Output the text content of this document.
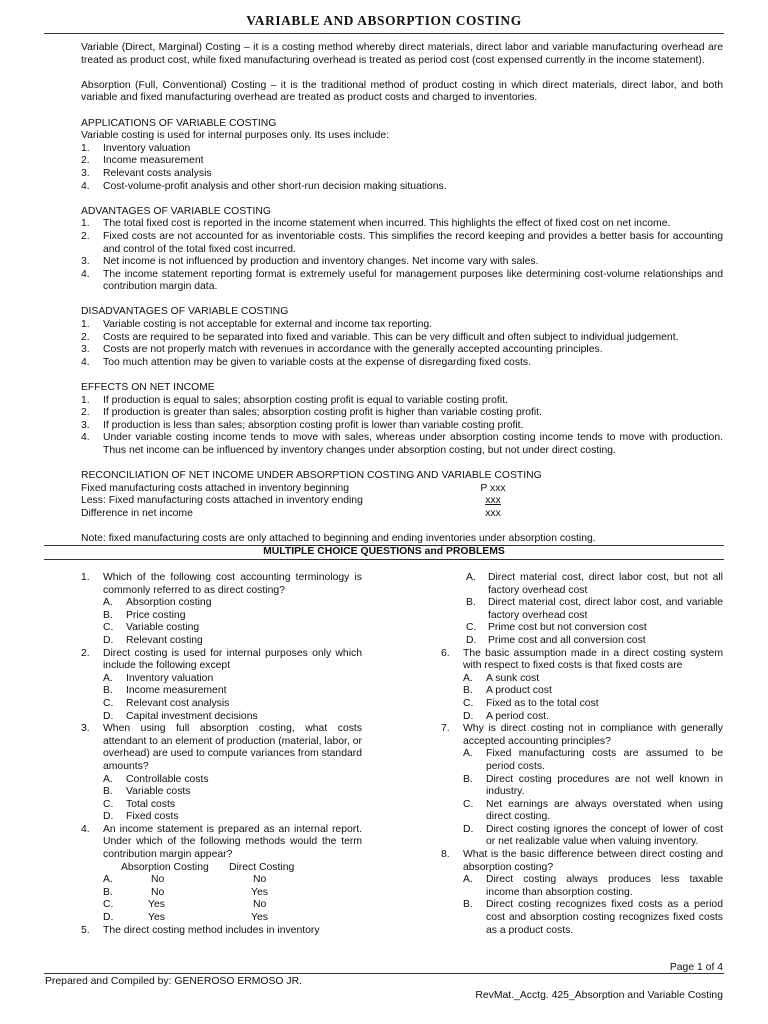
VARIABLE AND ABSORPTION COSTING

Variable (Direct, Marginal) Costing – it is a costing method whereby direct materials, direct labor and variable manufacturing overhead are treated as product cost, while fixed manufacturing overhead is treated as period cost (cost expensed currently in the income statement).

Absorption (Full, Conventional) Costing – it is the traditional method of product costing in which direct materials, direct labor, and both variable and fixed manufacturing overhead are treated as product costs and charged to inventories.

APPLICATIONS OF VARIABLE COSTING
Variable costing is used for internal purposes only. Its uses include:
1. Inventory valuation
2. Income measurement
3. Relevant costs analysis
4. Cost-volume-profit analysis and other short-run decision making situations.
ADVANTAGES OF VARIABLE COSTING
1. The total fixed cost is reported in the income statement when incurred. This highlights the effect of fixed cost on net income.
2. Fixed costs are not accounted for as inventoriable costs. This simplifies the record keeping and provides a better basis for accounting and control of the total fixed cost incurred.
3. Net income is not influenced by production and inventory changes. Net income vary with sales.
4. The income statement reporting format is extremely useful for management purposes like determining cost-volume relationships and contribution margin data.
DISADVANTAGES OF VARIABLE COSTING
1. Variable costing is not acceptable for external and income tax reporting.
2. Costs are required to be separated into fixed and variable. This can be very difficult and often subject to individual judgement.
3. Costs are not properly match with revenues in accordance with the generally accepted accounting principles.
4. Too much attention may be given to variable costs at the expense of disregarding fixed costs.
EFFECTS ON NET INCOME
1. If production is equal to sales; absorption costing profit is equal to variable costing profit.
2. If production is greater than sales; absorption costing profit is higher than variable costing profit.
3. If production is less than sales; absorption costing profit is lower than variable costing profit.
4. Under variable costing income tends to move with sales, whereas under absorption costing income tends to move with production. Thus net income can be influenced by inventory changes under absorption costing, but not under direct costing.
RECONCILIATION OF NET INCOME UNDER ABSORPTION COSTING AND VARIABLE COSTING
Fixed manufacturing costs attached in inventory beginning	P xxx
Less: Fixed manufacturing costs attached in inventory ending	xxx
Difference in net income	xxx
Note: fixed manufacturing costs are only attached to beginning and ending inventories under absorption costing.
MULTIPLE CHOICE QUESTIONS and PROBLEMS
1. Which of the following cost accounting terminology is commonly referred to as direct costing?
A. Absorption costing
B. Price costing
C. Variable costing
D. Relevant costing
2. Direct costing is used for internal purposes only which include the following except
A. Inventory valuation
B. Income measurement
C. Relevant cost analysis
D. Capital investment decisions
3. When using full absorption costing, what costs attendant to an element of production (material, labor, or overhead) are used to compute variances from standard amounts?
A. Controllable costs
B. Variable costs
C. Total costs
D. Fixed costs
4. An income statement is prepared as an internal report. Under which of the following methods would the term contribution margin appear?
Absorption Costing Direct Costing
A.	No	No
B.	No	Yes
C.	Yes	No
D.	Yes	Yes
5. The direct costing method includes in inventory
A. Direct material cost, direct labor cost, but not all factory overhead cost
B. Direct material cost, direct labor cost, and variable factory overhead cost
C. Prime cost but not conversion cost
D. Prime cost and all conversion cost
6. The basic assumption made in a direct costing system with respect to fixed costs is that fixed costs are
A. A sunk cost
B. A product cost
C. Fixed as to the total cost
D. A period cost.
7. Why is direct costing not in compliance with generally accepted accounting principles?
A. Fixed manufacturing costs are assumed to be period costs.
B. Direct costing procedures are not well known in industry.
C. Net earnings are always overstated when using direct costing.
D. Direct costing ignores the concept of lower of cost or net realizable value when valuing inventory.
8. What is the basic difference between direct costing and absorption costing?
A. Direct costing always produces less taxable income than absorption costing.
B. Direct costing recognizes fixed costs as a period cost and absorption costing recognizes fixed costs as a product costs.
Page 1 of 4
Prepared and Compiled by: GENEROSO ERMOSO JR.
RevMat._Acctg. 425_Absorption and Variable Costing
